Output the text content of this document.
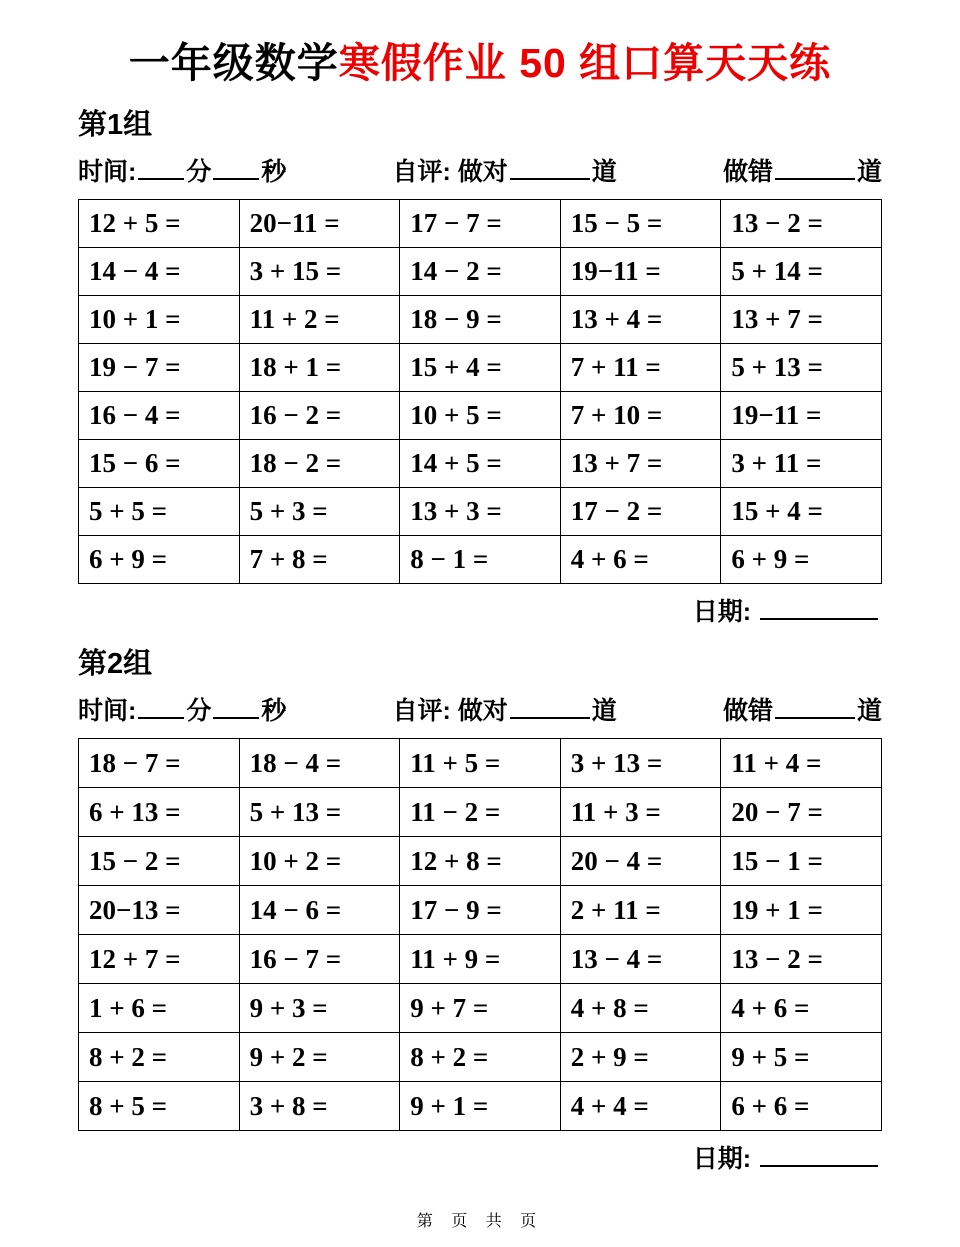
一年级数学寒假作业 50 组口算天天练
第1组
时间: 分 秒	自评: 做对	道	做错	道
12 + 5 =	20−11 =	17 − 7 =	15 − 5 =	13 − 2 =
14 − 4 =	3 + 15 =	14 − 2 =	19−11 =	5 + 14 =
10 + 1 =	11 + 2 =	18 − 9 =	13 + 4 =	13 + 7 =
19 − 7 =	18 + 1 =	15 + 4 =	7 + 11 =	5 + 13 =
16 − 4 =	16 − 2 =	10 + 5 =	7 + 10 =	19−11 =
15 − 6 =	18 − 2 =	14 + 5 =	13 + 7 =	3 + 11 =
5 + 5 =	5 + 3 =	13 + 3 =	17 − 2 =	15 + 4 =
6 + 9 =	7 + 8 =	8 − 1 =	4 + 6 =	6 + 9 =
日期:
第2组
时间: 分 秒	自评: 做对	道	做错	道
18 − 7 =	18 − 4 =	11 + 5 =	3 + 13 =	11 + 4 =
6 + 13 =	5 + 13 =	11 − 2 =	11 + 3 =	20 − 7 =
15 − 2 =	10 + 2 =	12 + 8 =	20 − 4 =	15 − 1 =
20−13 =	14 − 6 =	17 − 9 =	2 + 11 =	19 + 1 =
12 + 7 =	16 − 7 =	11 + 9 =	13 − 4 =	13 − 2 =
1 + 6 =	9 + 3 =	9 + 7 =	4 + 8 =	4 + 6 =
8 + 2 =	9 + 2 =	8 + 2 =	2 + 9 =	9 + 5 =
8 + 5 =	3 + 8 =	9 + 1 =	4 + 4 =	6 + 6 =
日期:
第 页 共 页
